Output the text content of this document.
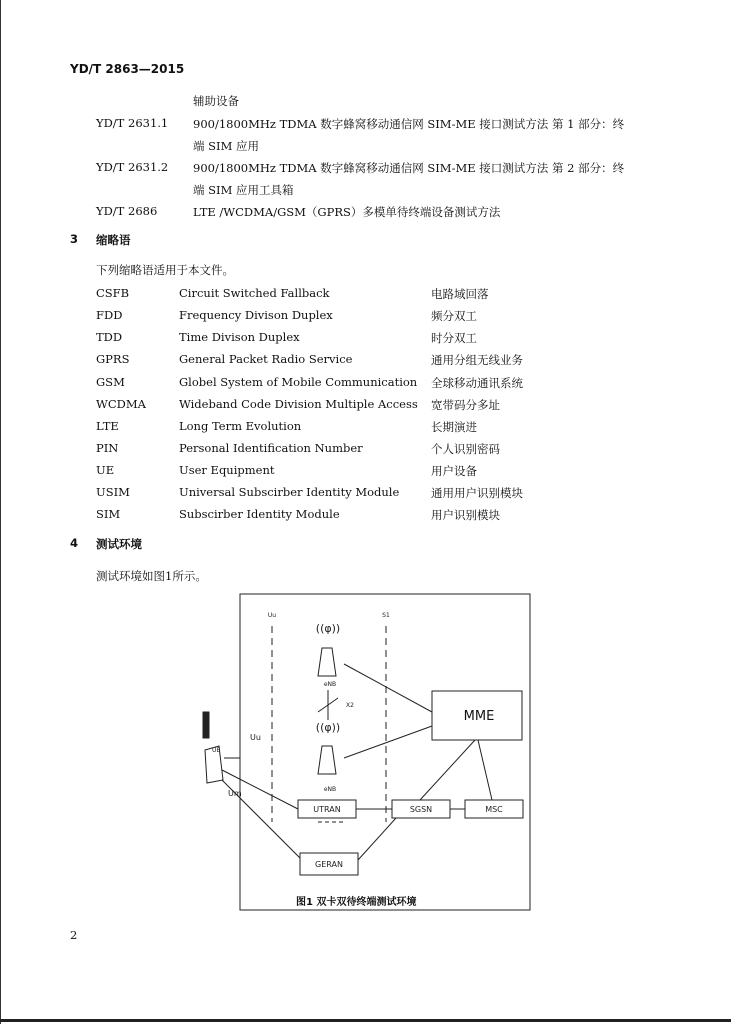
YD/T 2863—2015
辅助设备
YD/T 2631.1 900/1800MHz TDMA 数字蜂窝移动通信网 SIM-ME 接口测试方法 第 1 部分：终
端 SIM 应用
YD/T 2631.2 900/1800MHz TDMA 数字蜂窝移动通信网 SIM-ME 接口测试方法 第 2 部分：终
端 SIM 应用工具箱
YD/T 2686	LTE /WCDMA/GSM（GPRS）多模单待终端设备测试方法
3 缩略语
下列缩略语适用于本文件。
CSFB	Circuit Switched Fallback	电路域回落
FDD	Frequency Divison Duplex	频分双工
TDD	Time Divison Duplex	时分双工
GPRS	General Packet Radio Service	通用分组无线业务
GSM	Globel System of Mobile Communication 全球移动通讯系统
WCDMA	Wideband Code Division Multiple Access 宽带码分多址
LTE	Long Term Evolution	长期演进
PIN	Personal Identification Number	个人识别密码
UE	User Equipment	用户设备
USIM	Universal Subscirber Identity Module	通用用户识别模块
SIM	Subscirber Identity Module	用户识别模块
4 测试环境
测试环境如图1所示。
((φ))
((φ))
Uu	S1
eNB
X2
eNB
MME
Uu
Um
UE
UTRAN	SGSN	MSC
GERAN
图1 双卡双待终端测试环境
2
